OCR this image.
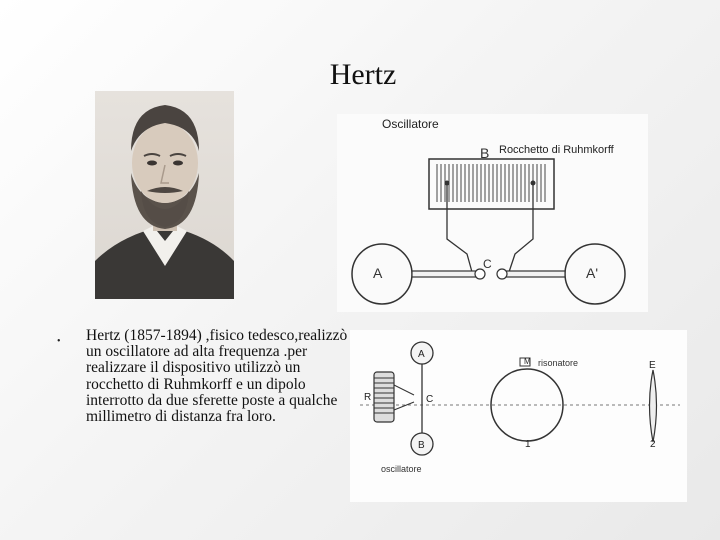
Hertz
B
A
C
A'
Oscillatore
Rocchetto di Ruhmkorff
A
B
R	C
M	E
1	2
risonatore
oscillatore
• Hertz (1857-1894) ,fisico tedesco,realizzò un oscillatore ad alta frequenza .per realizzare il dispositivo utilizzò un rocchetto di Ruhmkorff e un dipolo interrotto da due sferette poste a qualche millimetro di distanza fra loro.
